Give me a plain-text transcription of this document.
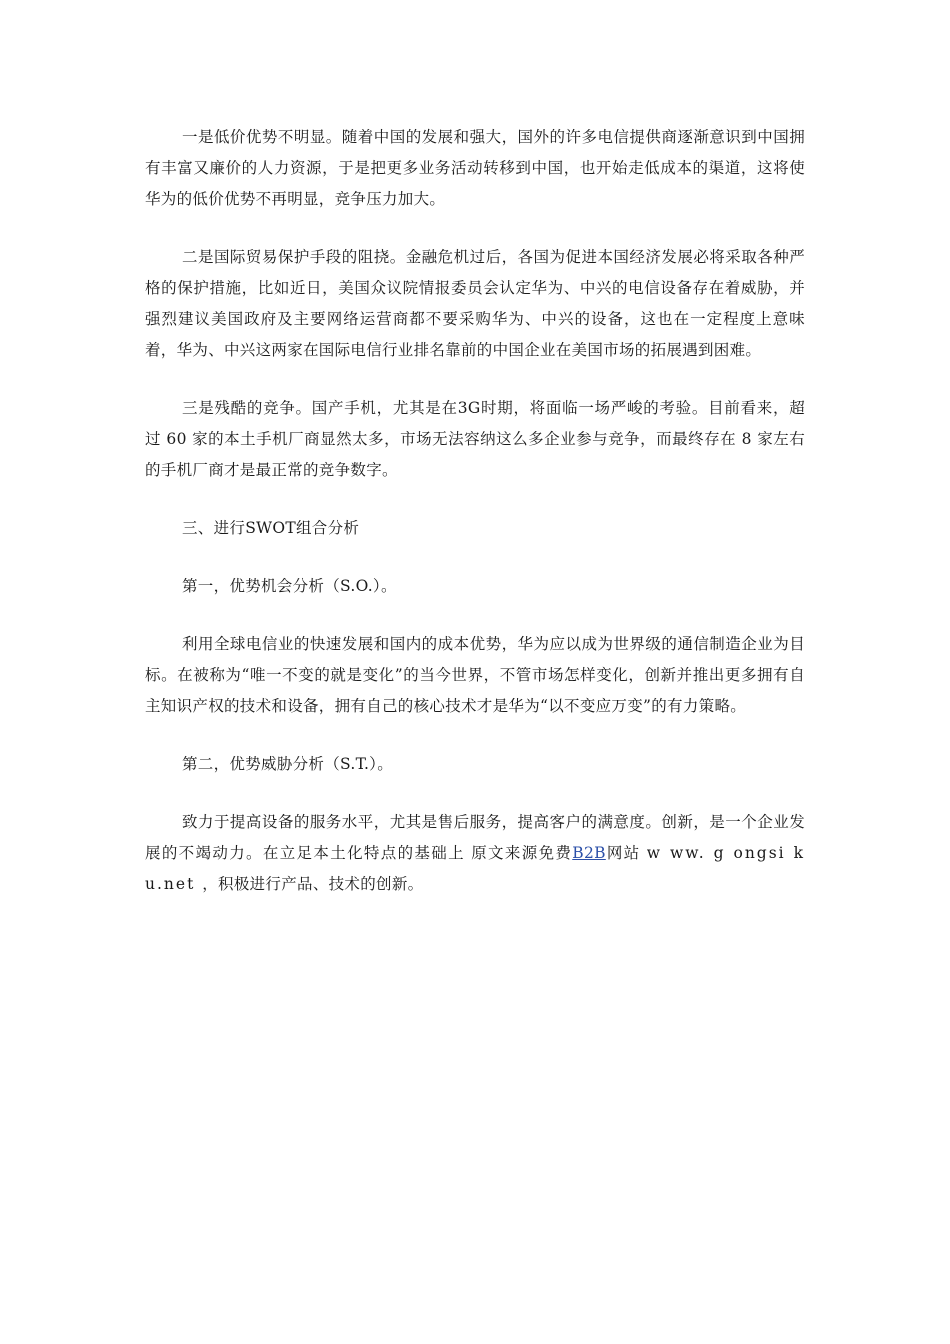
一是低价优势不明显。随着中国的发展和强大，国外的许多电信提供商逐渐意识到中国拥有丰富又廉价的人力资源，于是把更多业务活动转移到中国，也开始走低成本的渠道，这将使华为的低价优势不再明显，竞争压力加大。

二是国际贸易保护手段的阻挠。金融危机过后，各国为促进本国经济发展必将采取各种严格的保护措施，比如近日，美国众议院情报委员会认定华为、中兴的电信设备存在着威胁，并强烈建议美国政府及主要网络运营商都不要采购华为、中兴的设备，这也在一定程度上意味着，华为、中兴这两家在国际电信行业排名靠前的中国企业在美国市场的拓展遇到困难。

三是残酷的竞争。国产手机，尤其是在3G时期，将面临一场严峻的考验。目前看来，超过 60 家的本土手机厂商显然太多，市场无法容纳这么多企业参与竞争，而最终存在 8 家左右的手机厂商才是最正常的竞争数字。

三、进行SWOT组合分析

第一，优势机会分析（S.O.）。

利用全球电信业的快速发展和国内的成本优势，华为应以成为世界级的通信制造企业为目标。在被称为“唯一不变的就是变化”的当今世界，不管市场怎样变化，创新并推出更多拥有自主知识产权的技术和设备，拥有自己的核心技术才是华为“以不变应万变”的有力策略。

第二，优势威胁分析（S.T.）。

致力于提高设备的服务水平，尤其是售后服务，提高客户的满意度。创新，是一个企业发展的不竭动力。在立足本土化特点的基础上 原文来源免费B2B网站 w ww. g ongsi k u.net ，积极进行产品、技术的创新。
